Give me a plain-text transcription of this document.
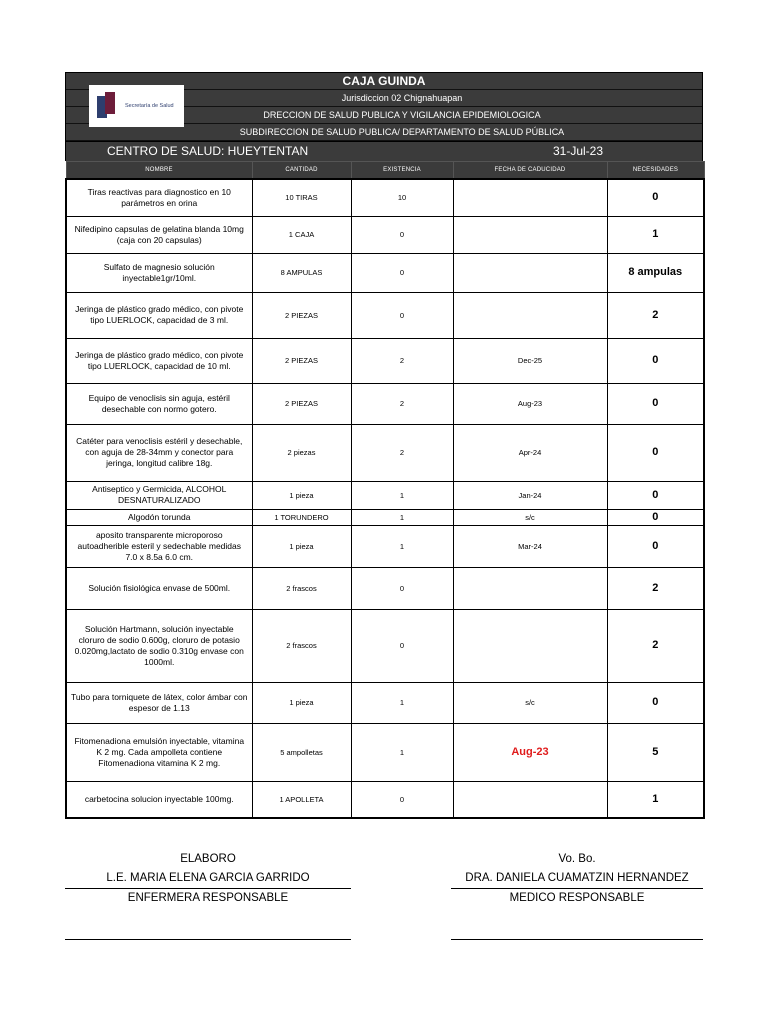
CAJA GUINDA
Jurisdiccion 02 Chignahuapan
DRECCION DE SALUD PUBLICA Y VIGILANCIA EPIDEMIOLOGICA
SUBDIRECCION DE SALUD PUBLICA/ DEPARTAMENTO DE SALUD PÚBLICA
Secretaría de Salud
CENTRO DE SALUD: HUEYTENTAN	31-Jul-23
NOMBRE	CANTIDAD	EXISTENCIA	FECHA DE CADUCIDAD	NECESIDADES
Tiras reactivas para diagnostico en 10 parámetros en orina	10 TIRAS	10		0
Nifedipino capsulas de gelatina blanda 10mg (caja con 20 capsulas)	1 CAJA	0		1
Sulfato de magnesio solución inyectable1gr/10ml.	8 AMPULAS	0		8 ampulas
Jeringa de plástico grado médico, con pivote tipo LUERLOCK, capacidad de 3 ml.	2 PIEZAS	0		2
Jeringa de plástico grado médico, con pivote tipo LUERLOCK, capacidad de 10 ml.	2 PIEZAS	2	Dec-25	0
Equipo de venoclisis sin aguja, estéril desechable con normo gotero.	2 PIEZAS	2	Aug-23	0
Catéter para venoclisis estéril y desechable, con aguja de 28-34mm y conector para jeringa, longitud calibre 18g.	2 piezas	2	Apr-24	0
Antiseptico y Germicida, ALCOHOL DESNATURALIZADO	1 pieza	1	Jan-24	0
Algodón torunda	1 TORUNDERO	1	s/c	0
aposito transparente microporoso autoadherible esteril y sedechable medidas 7.0 x 8.5a 6.0 cm.	1 pieza	1	Mar-24	0
Solución fisiológica envase de 500ml.	2 frascos	0		2
Solución Hartmann, solución inyectable cloruro de sodio 0.600g, cloruro de potasio 0.020mg,lactato de sodio 0.310g envase con 1000ml.	2 frascos	0		2
Tubo para torniquete de látex, color ámbar con espesor de 1.13	1 pieza	1	s/c	0
Fitomenadiona emulsión inyectable, vitamina K 2 mg. Cada ampolleta contiene Fitomenadiona vitamina K 2 mg.	5 ampolletas	1	Aug-23	5
carbetocina solucion inyectable 100mg.	1 APOLLETA	0		1
ELABORO
L.E. MARIA ELENA GARCIA GARRIDO
ENFERMERA RESPONSABLE
Vo. Bo.
DRA. DANIELA CUAMATZIN HERNANDEZ
MEDICO RESPONSABLE
